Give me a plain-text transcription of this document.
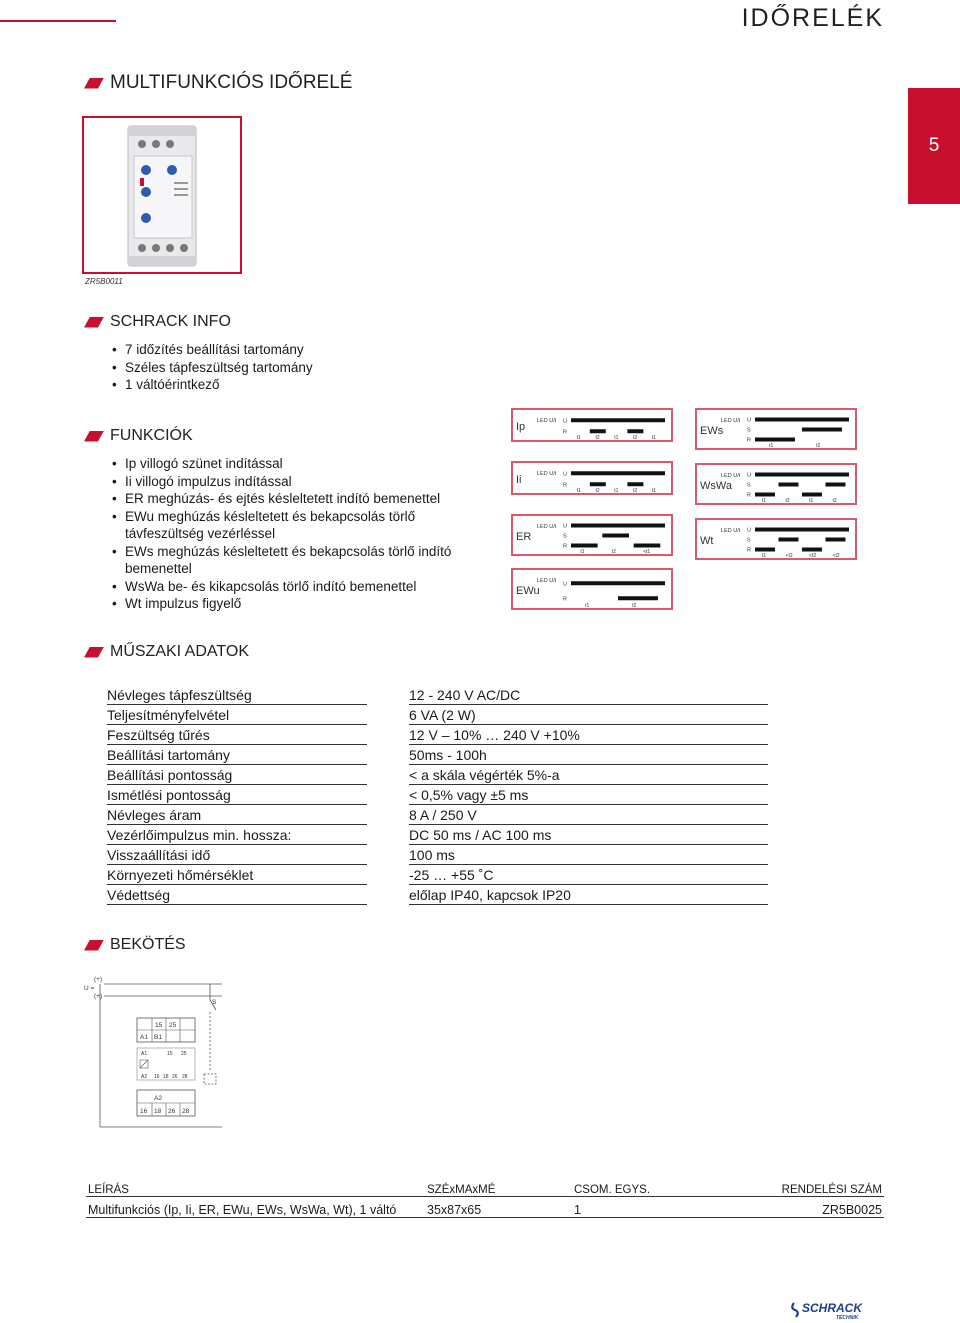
IDŐRELÉK
5
MULTIFUNKCIÓS IDŐRELÉ
ZR5B0011
SCHRACK INFO
• 7 időzítés beállítási tartomány
• Széles tápfeszültség tartomány
• 1 váltóérintkező
FUNKCIÓK
• Ip villogó szünet indítással
• Ii villogó impulzus indítással
• ER meghúzás- és ejtés késleltetett indító bemenettel
• EWu meghúzás késleltetett és bekapcsolás törlő távfeszültség vezérléssel
• EWs meghúzás késleltetett és bekapcsolás törlő indító bemenettel
• WsWa be- és kikapcsolás törlő indító bemenettel
• Wt impulzus figyelő
Ip LED U/t U
R
t1	t2	t1	t2	t1
Ii	LED U/t U
R
t1	t2	t1	t2	t1
ER
LED U/t U
S
R
t1	t2	<t1
EWu
LED U/t
U
R
t1	t2
EWs
LED U/t U
S
R
t1	t2
WsWa
LED U/t U
S
R
t1	t2	t1	t2
Wt
LED U/t U
S
R
t1	<t2	<t2	<t2
MŰSZAKI ADATOK
Névleges tápfeszültség		12 - 240 V AC/DC
Teljesítményfelvétel		6 VA (2 W)
Feszültség tűrés		12 V – 10% … 240 V +10%
Beállítási tartomány		50ms - 100h
Beállítási pontosság		< a skála végérték 5%-a
Ismétlési pontosság		< 0,5% vagy ±5 ms
Névleges áram		8 A / 250 V
Vezérlőimpulzus min. hossza:		DC 50 ms / AC 100 ms
Visszaállítási idő		100 ms
Környezeti hőmérséklet		-25 … +55 ˚C
Védettség		előlap IP40, kapcsok IP20
BEKÖTÉS
(+)
U =
(+)
S
15 25
A1 B1
A1	15 25
A2 16 18 26 28
A2
16 18 26 28
LEÍRÁS	SZÉxMAxMÉ	CSOM. EGYS.	RENDELÉSI SZÁM
Multifunkciós (Ip, Ii, ER, EWu, EWs, WsWa, Wt), 1 váltó	35x87x65	1	ZR5B0025
SCHRACK
TECHNIK
